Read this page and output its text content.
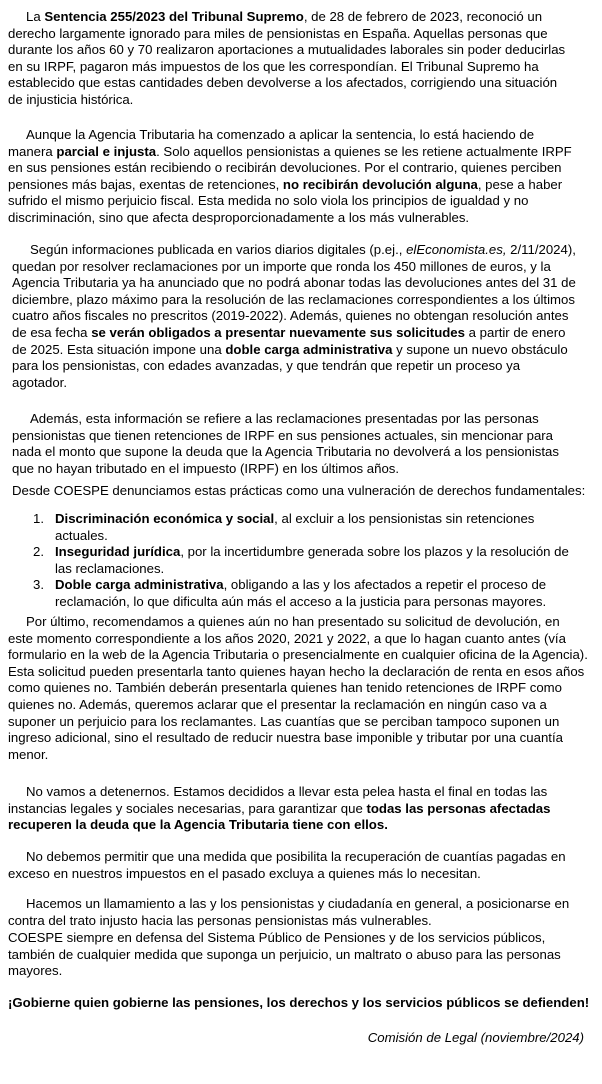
La Sentencia 255/2023 del Tribunal Supremo, de 28 de febrero de 2023, reconoció un derecho largamente ignorado para miles de pensionistas en España. Aquellas personas que durante los años 60 y 70 realizaron aportaciones a mutualidades laborales sin poder deducirlas en su IRPF, pagaron más impuestos de los que les correspondían. El Tribunal Supremo ha establecido que estas cantidades deben devolverse a los afectados, corrigiendo una situación de injusticia histórica.

Aunque la Agencia Tributaria ha comenzado a aplicar la sentencia, lo está haciendo de manera parcial e injusta. Solo aquellos pensionistas a quienes se les retiene actualmente IRPF en sus pensiones están recibiendo o recibirán devoluciones. Por el contrario, quienes perciben pensiones más bajas, exentas de retenciones, no recibirán devolución alguna, pese a haber sufrido el mismo perjuicio fiscal. Esta medida no solo viola los principios de igualdad y no discriminación, sino que afecta desproporcionadamente a los más vulnerables.

Según informaciones publicada en varios diarios digitales (p.ej., elEconomista.es, 2/11/2024), quedan por resolver reclamaciones por un importe que ronda los 450 millones de euros, y la Agencia Tributaria ya ha anunciado que no podrá abonar todas las devoluciones antes del 31 de diciembre, plazo máximo para la resolución de las reclamaciones correspondientes a los últimos cuatro años fiscales no prescritos (2019-2022). Además, quienes no obtengan resolución antes de esa fecha se verán obligados a presentar nuevamente sus solicitudes a partir de enero de 2025. Esta situación impone una doble carga administrativa y supone un nuevo obstáculo para los pensionistas, con edades avanzadas, y que tendrán que repetir un proceso ya agotador.

Además, esta información se refiere a las reclamaciones presentadas por las personas pensionistas que tienen retenciones de IRPF en sus pensiones actuales, sin mencionar para nada el monto que supone la deuda que la Agencia Tributaria no devolverá a los pensionistas que no hayan tributado en el impuesto (IRPF) en los últimos años.

Desde COESPE denunciamos estas prácticas como una vulneración de derechos fundamentales:

1. Discriminación económica y social, al excluir a los pensionistas sin retenciones actuales.
2. Inseguridad jurídica, por la incertidumbre generada sobre los plazos y la resolución de las reclamaciones.
3. Doble carga administrativa, obligando a las y los afectados a repetir el proceso de reclamación, lo que dificulta aún más el acceso a la justicia para personas mayores.

Por último, recomendamos a quienes aún no han presentado su solicitud de devolución, en este momento correspondiente a los años 2020, 2021 y 2022, a que lo hagan cuanto antes (vía formulario en la web de la Agencia Tributaria o presencialmente en cualquier oficina de la Agencia). Esta solicitud pueden presentarla tanto quienes hayan hecho la declaración de renta en esos años como quienes no. También deberán presentarla quienes han tenido retenciones de IRPF como quienes no. Además, queremos aclarar que el presentar la reclamación en ningún caso va a suponer un perjuicio para los reclamantes. Las cuantías que se perciban tampoco suponen un ingreso adicional, sino el resultado de reducir nuestra base imponible y tributar por una cuantía menor.

No vamos a detenernos. Estamos decididos a llevar esta pelea hasta el final en todas las instancias legales y sociales necesarias, para garantizar que todas las personas afectadas recuperen la deuda que la Agencia Tributaria tiene con ellos.

No debemos permitir que una medida que posibilita la recuperación de cuantías pagadas en exceso en nuestros impuestos en el pasado excluya a quienes más lo necesitan.

Hacemos un llamamiento a las y los pensionistas y ciudadanía en general, a posicionarse en contra del trato injusto hacia las personas pensionistas más vulnerables.

COESPE siempre en defensa del Sistema Público de Pensiones y de los servicios públicos, también de cualquier medida que suponga un perjuicio, un maltrato o abuso para las personas mayores.

¡Gobierne quien gobierne las pensiones, los derechos y los servicios públicos se defienden!

Comisión de Legal (noviembre/2024)
